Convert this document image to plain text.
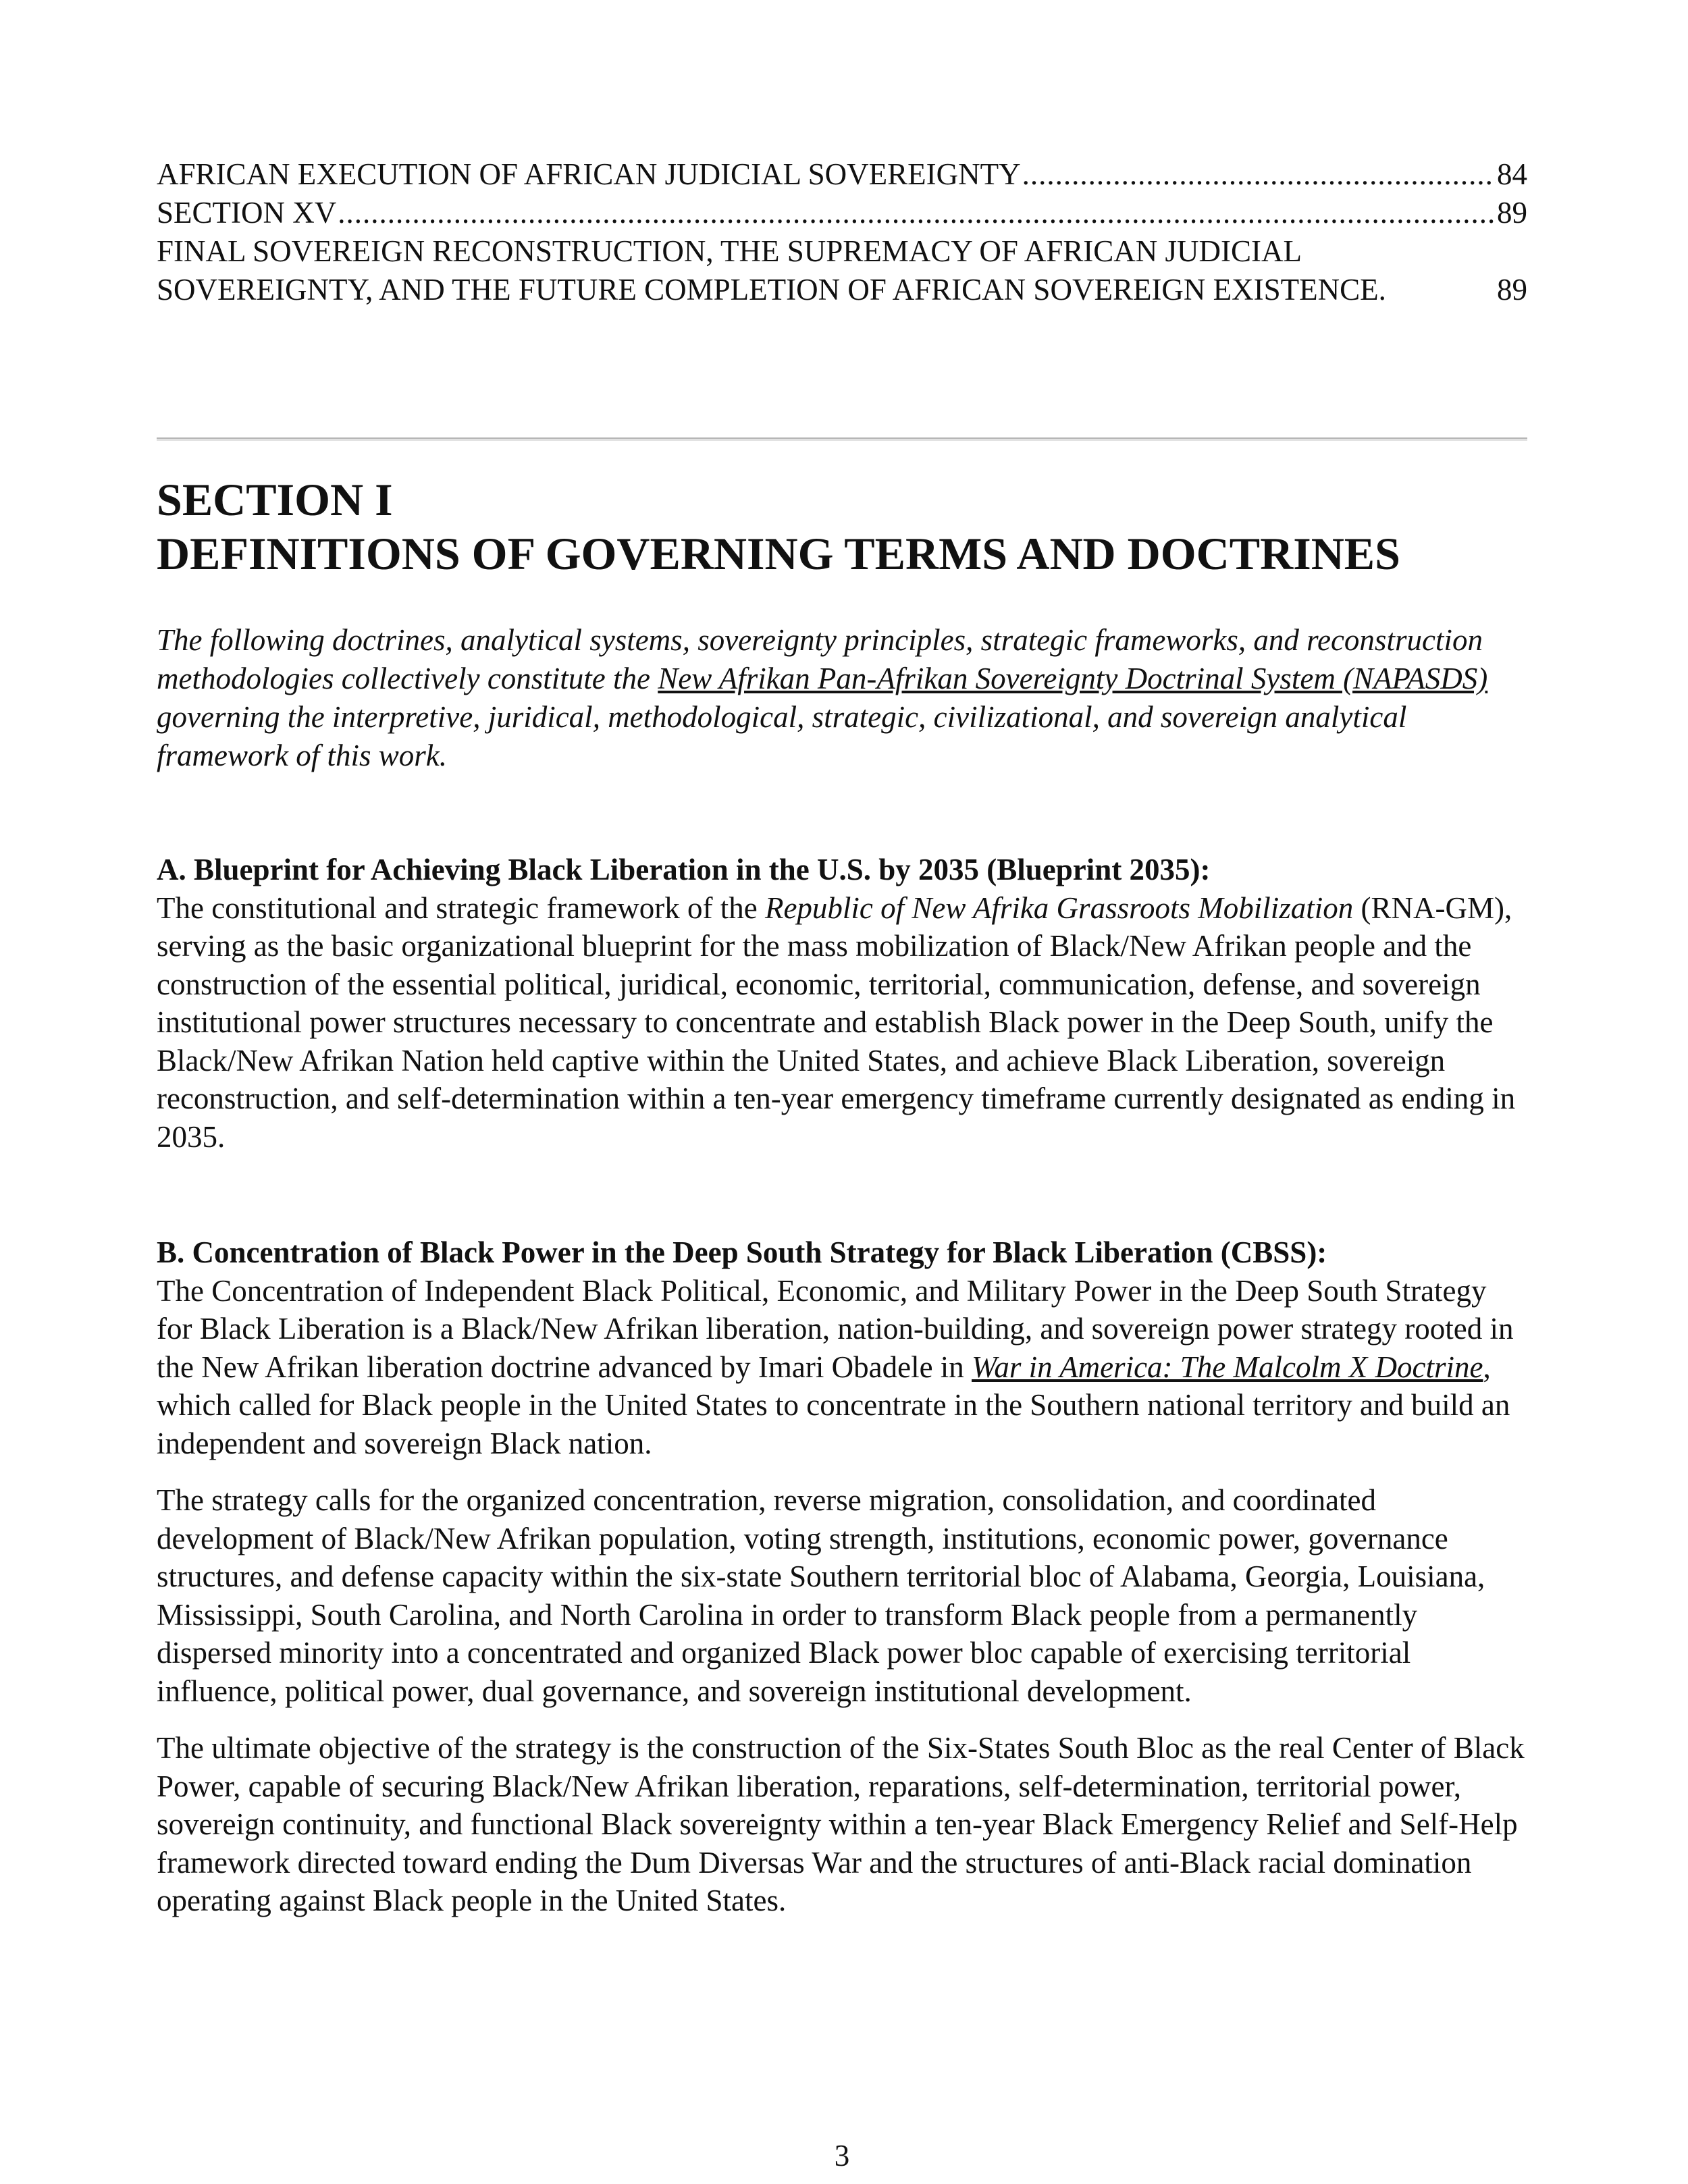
AFRICAN EXECUTION OF AFRICAN JUDICIAL SOVEREIGNTY .....	84
SECTION XV .....	89
FINAL SOVEREIGN RECONSTRUCTION, THE SUPREMACY OF AFRICAN JUDICIAL
SOVEREIGNTY, AND THE FUTURE COMPLETION OF AFRICAN SOVEREIGN EXISTENCE.	89
SECTION I
DEFINITIONS OF GOVERNING TERMS AND DOCTRINES

The following doctrines, analytical systems, sovereignty principles, strategic frameworks, and reconstruction methodologies collectively constitute the New Afrikan Pan-Afrikan Sovereignty Doctrinal System (NAPASDS) governing the interpretive, juridical, methodological, strategic, civilizational, and sovereign analytical framework of this work.

A. Blueprint for Achieving Black Liberation in the U.S. by 2035 (Blueprint 2035):
The constitutional and strategic framework of the Republic of New Afrika Grassroots Mobilization (RNA-GM), serving as the basic organizational blueprint for the mass mobilization of Black/New Afrikan people and the construction of the essential political, juridical, economic, territorial, communication, defense, and sovereign institutional power structures necessary to concentrate and establish Black power in the Deep South, unify the Black/New Afrikan Nation held captive within the United States, and achieve Black Liberation, sovereign reconstruction, and self-determination within a ten-year emergency timeframe currently designated as ending in 2035.
B. Concentration of Black Power in the Deep South Strategy for Black Liberation (CBSS):
The Concentration of Independent Black Political, Economic, and Military Power in the Deep South Strategy for Black Liberation is a Black/New Afrikan liberation, nation-building, and sovereign power strategy rooted in the New Afrikan liberation doctrine advanced by Imari Obadele in War in America: The Malcolm X Doctrine, which called for Black people in the United States to concentrate in the Southern national territory and build an independent and sovereign Black nation.
The strategy calls for the organized concentration, reverse migration, consolidation, and coordinated development of Black/New Afrikan population, voting strength, institutions, economic power, governance structures, and defense capacity within the six-state Southern territorial bloc of Alabama, Georgia, Louisiana, Mississippi, South Carolina, and North Carolina in order to transform Black people from a permanently dispersed minority into a concentrated and organized Black power bloc capable of exercising territorial influence, political power, dual governance, and sovereign institutional development.
The ultimate objective of the strategy is the construction of the Six-States South Bloc as the real Center of Black Power, capable of securing Black/New Afrikan liberation, reparations, self-determination, territorial power, sovereign continuity, and functional Black sovereignty within a ten-year Black Emergency Relief and Self-Help framework directed toward ending the Dum Diversas War and the structures of anti-Black racial domination operating against Black people in the United States.
3
